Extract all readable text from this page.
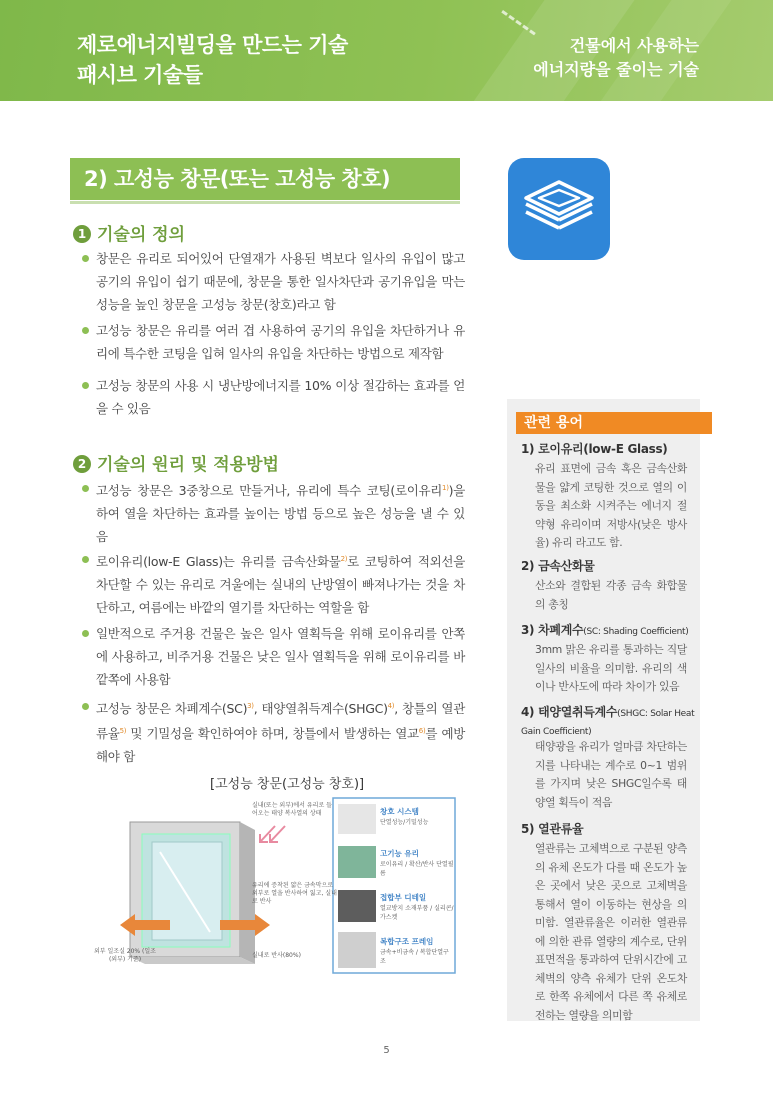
제로에너지빌딩을 만드는 기술
패시브 기술들
건물에서 사용하는
에너지량을 줄이는 기술
2) 고성능 창문(또는 고성능 창호)
1 기술의 정의
창문은 유리로 되어있어 단열재가 사용된 벽보다 일사의 유입이 많고 공기의 유입이 쉽기 때문에, 창문을 통한 일사차단과 공기유입을 막는 성능을 높인 창문을 고성능 창문(창호)라고 함
고성능 창문은 유리를 여러 겹 사용하여 공기의 유입을 차단하거나 유리에 특수한 코팅을 입혀 일사의 유입을 차단하는 방법으로 제작함
고성능 창문의 사용 시 냉난방에너지를 10% 이상 절감하는 효과를 얻을 수 있음
2 기술의 원리 및 적용방법
고성능 창문은 3중창으로 만들거나, 유리에 특수 코팅(로이유리$^{1)}$)을 하여 열을 차단하는 효과를 높이는 방법 등으로 높은 성능을 낼 수 있음
로이유리(low-E Glass)는 유리를 금속산화물$^{2)}$로 코팅하여 적외선을 차단할 수 있는 유리로 겨울에는 실내의 난방열이 빠져나가는 것을 차단하고, 여름에는 바깥의 열기를 차단하는 역할을 함
일반적으로 주거용 건물은 높은 일사 열획득을 위해 로이유리를 안쪽에 사용하고, 비주거용 건물은 낮은 일사 열획득을 위해 로이유리를 바깥쪽에 사용함
고성능 창문은 차폐계수(SC)$^{3)}$, 태양열취득계수(SHGC)$^{4)}$, 창틀의 열관류율$^{5)}$ 및 기밀성을 확인하여야 하며, 창틀에서 발생하는 열교$^{6)}$를 예방해야 함
[고성능 창문(고성능 창호)]
실내(또는 외부)에서 유리로 들어오는 태양 복사열의 상태
유리에 증착된 얇은 금속막으로 외부로 열을 반사하여 잃고, 실내로 반사
외부 일조실 20% (일조(외부) 기준)
실내로 반사(80%)
창호 시스템
단열성능/기밀성능
고기능 유리
로이유리 / 확산/반사 단열필름
접합부 디테일
열교방지 소재부품 / 실리콘/가스켓
복합구조 프레임
금속+비금속 / 복합단열구조
관련 용어
1) 로이유리(low-E Glass)
유리 표면에 금속 혹은 금속산화물을 얇게 코팅한 것으로 열의 이동을 최소화 시켜주는 에너지 절약형 유리이며 저방사(낮은 방사율) 유리 라고도 함.
2) 금속산화물
산소와 결합된 각종 금속 화합물의 총칭
3) 차폐계수(SC: Shading Coefficient)
3mm 맑은 유리를 통과하는 직달일사의 비율을 의미함. 유리의 색이나 반사도에 따라 차이가 있음
4) 태양열취득계수(SHGC: Solar Heat Gain Coefficient)
태양광을 유리가 얼마큼 차단하는지를 나타내는 계수로 0~1 범위를 가지며 낮은 SHGC일수록 태양열 획득이 적음
5) 열관류율
열관류는 고체벽으로 구분된 양측의 유체 온도가 다를 때 온도가 높은 곳에서 낮은 곳으로 고체벽을 통해서 열이 이동하는 현상을 의미함. 열관류율은 이러한 열관류에 의한 관류 열량의 계수로, 단위 표면적을 통과하여 단위시간에 고체벽의 양측 유체가 단위 온도차로 한쪽 유체에서 다른 쪽 유체로 전하는 열량을 의미함
5
